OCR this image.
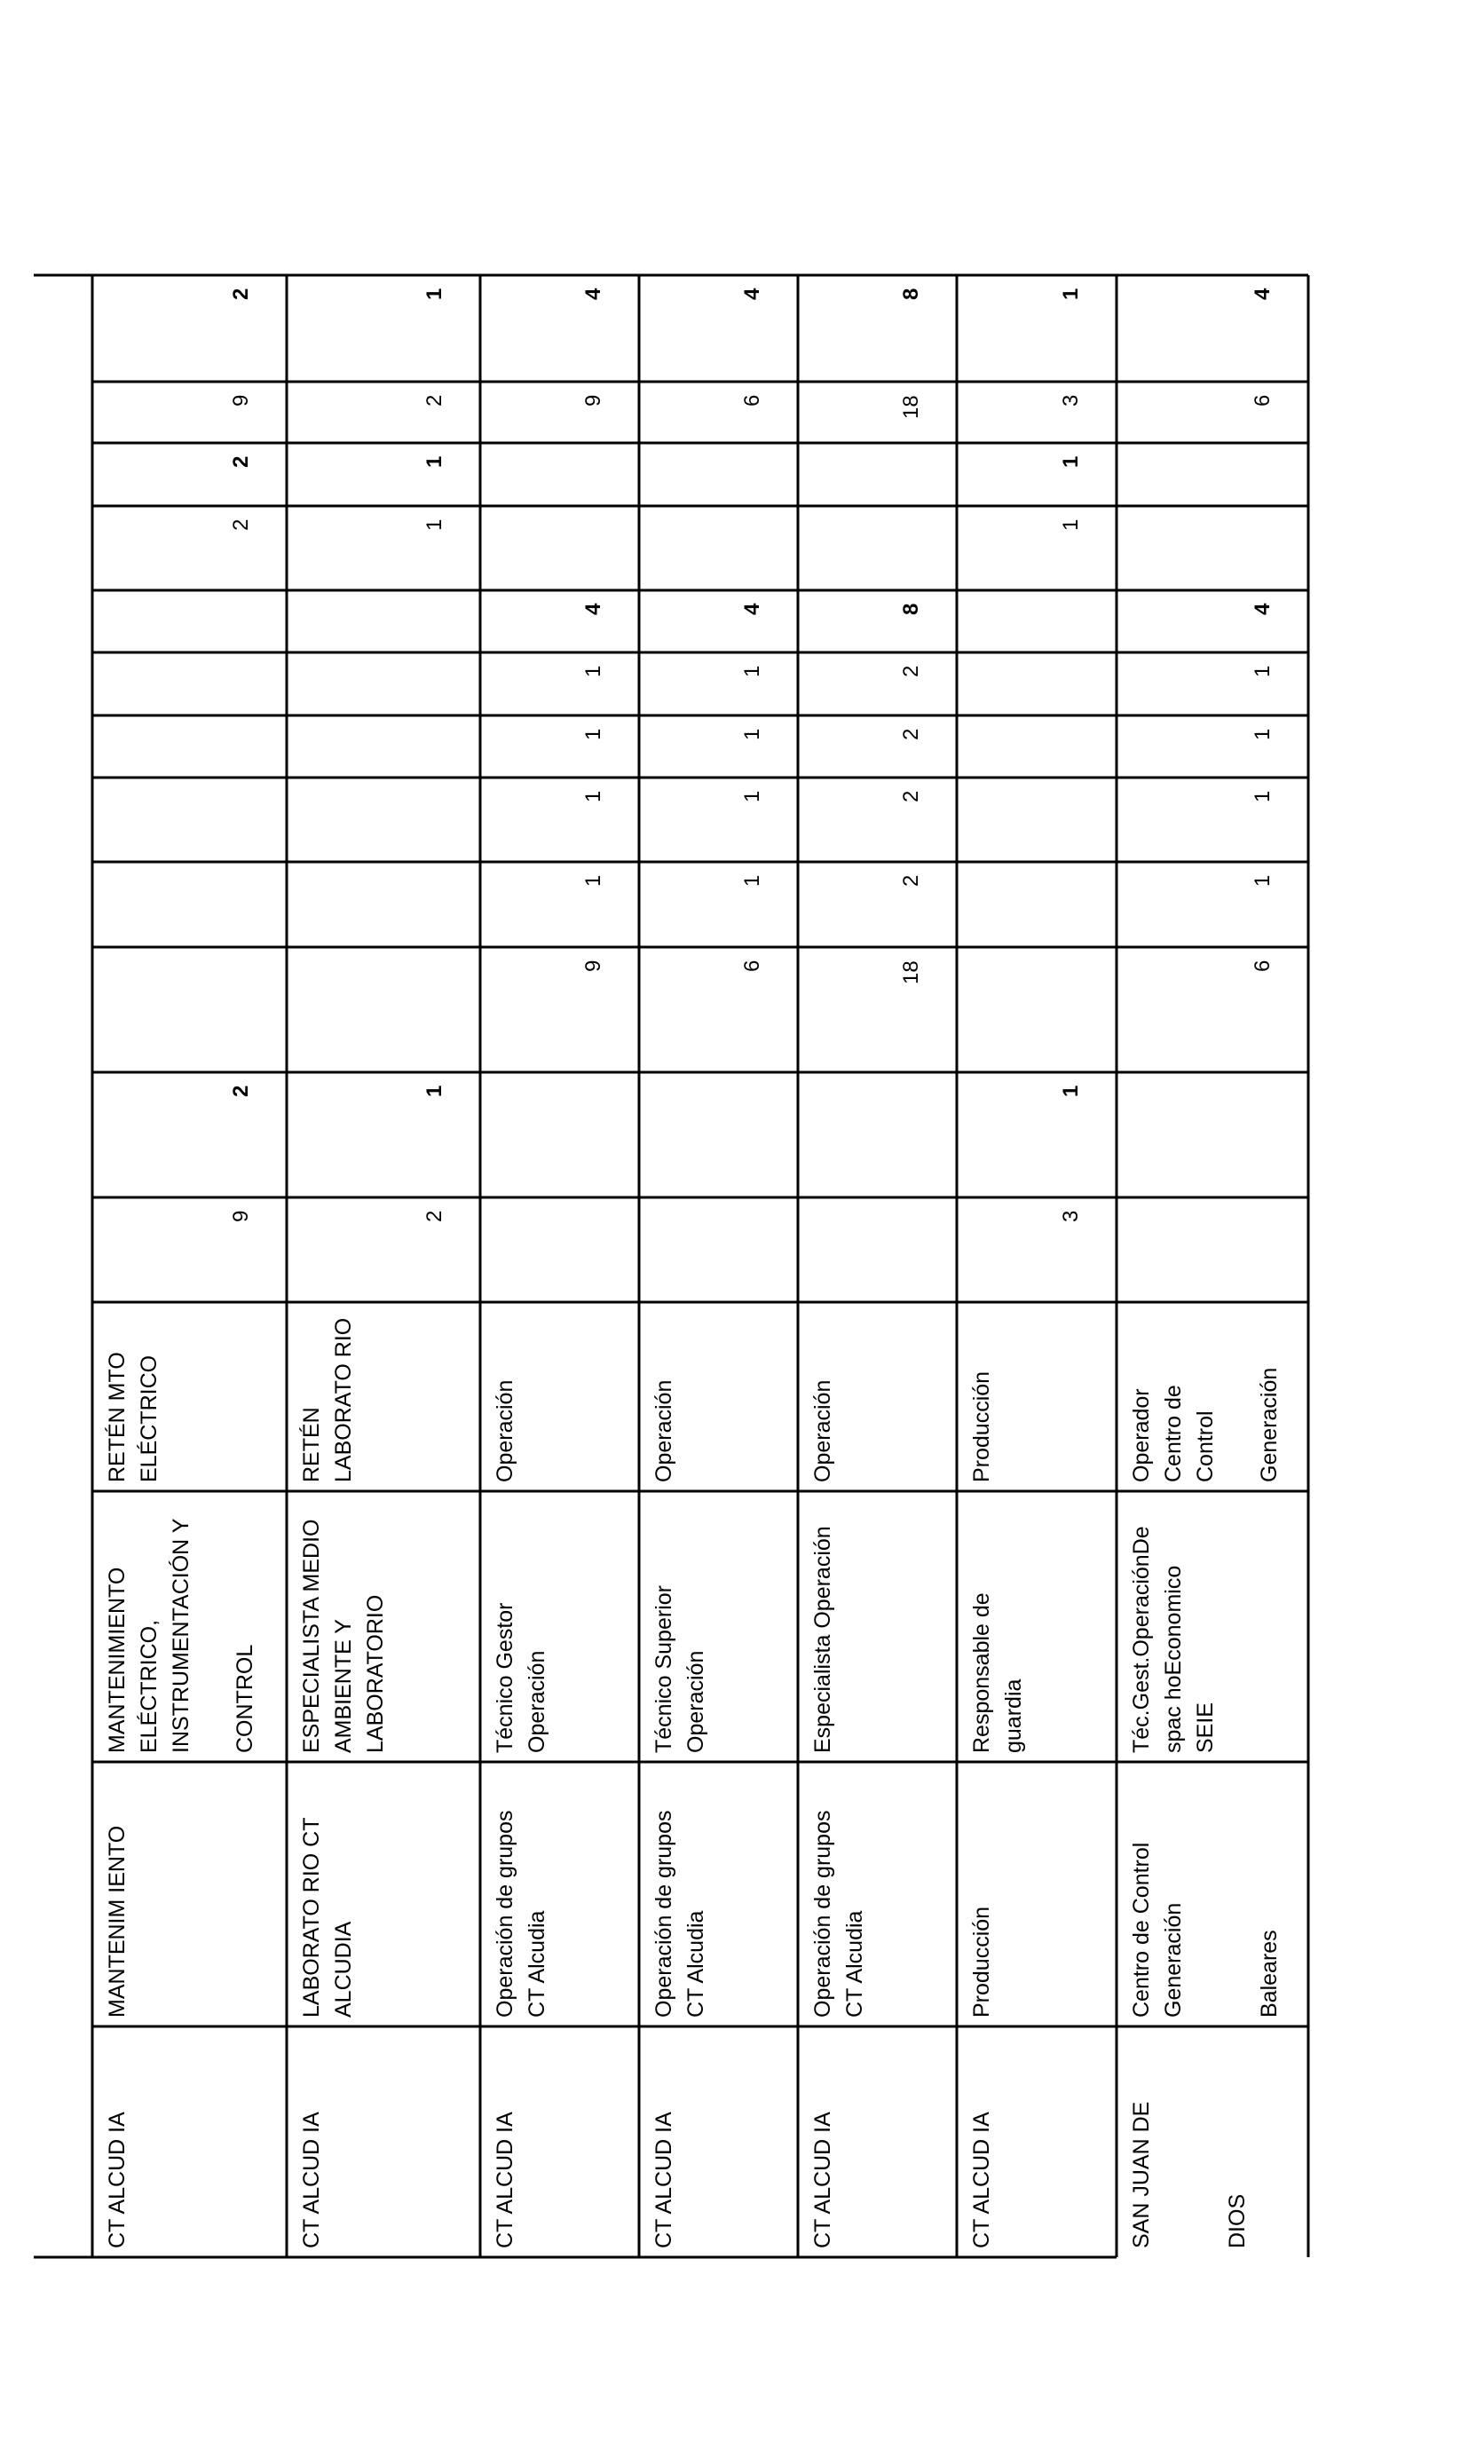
CT ALCUD IA
MANTENIM IENTO
MANTENIMIENTO
ELÉCTRICO,
INSTRUMENTACIÓN Y

CONTROL
RETÉN MTO
ELÉCTRICO
9
2
2
2
9
2
CT ALCUD IA
LABORATO RIO CT
ALCUDIA
ESPECIALISTA MEDIO
AMBIENTE Y
LABORATORIO
RETÉN
LABORATO RIO
2
1
1
1
2
1
CT ALCUD IA
Operación de grupos
CT Alcudia
Técnico Gestor
Operación
Operación
9
1
1
1
1
4
9
4
CT ALCUD IA
Operación de grupos
CT Alcudia
Técnico Superior
Operación
Operación
6
1
1
1
1
4
6
4
CT ALCUD IA
Operación de grupos
CT Alcudia
Especialista Operación
Operación
18
2
2
2
2
8
18
8
CT ALCUD IA
Producción
Responsable de
guardia
Producción
3
1
1
1
3
1
SAN JUAN DE

DIOS
Centro de Control
Generación

Baleares
Téc.Gest.OperaciónDe
spac hoEconomico
SEIE
Operador
Centro de
Control

Generación
6
1
1
1
1
4
6
4
